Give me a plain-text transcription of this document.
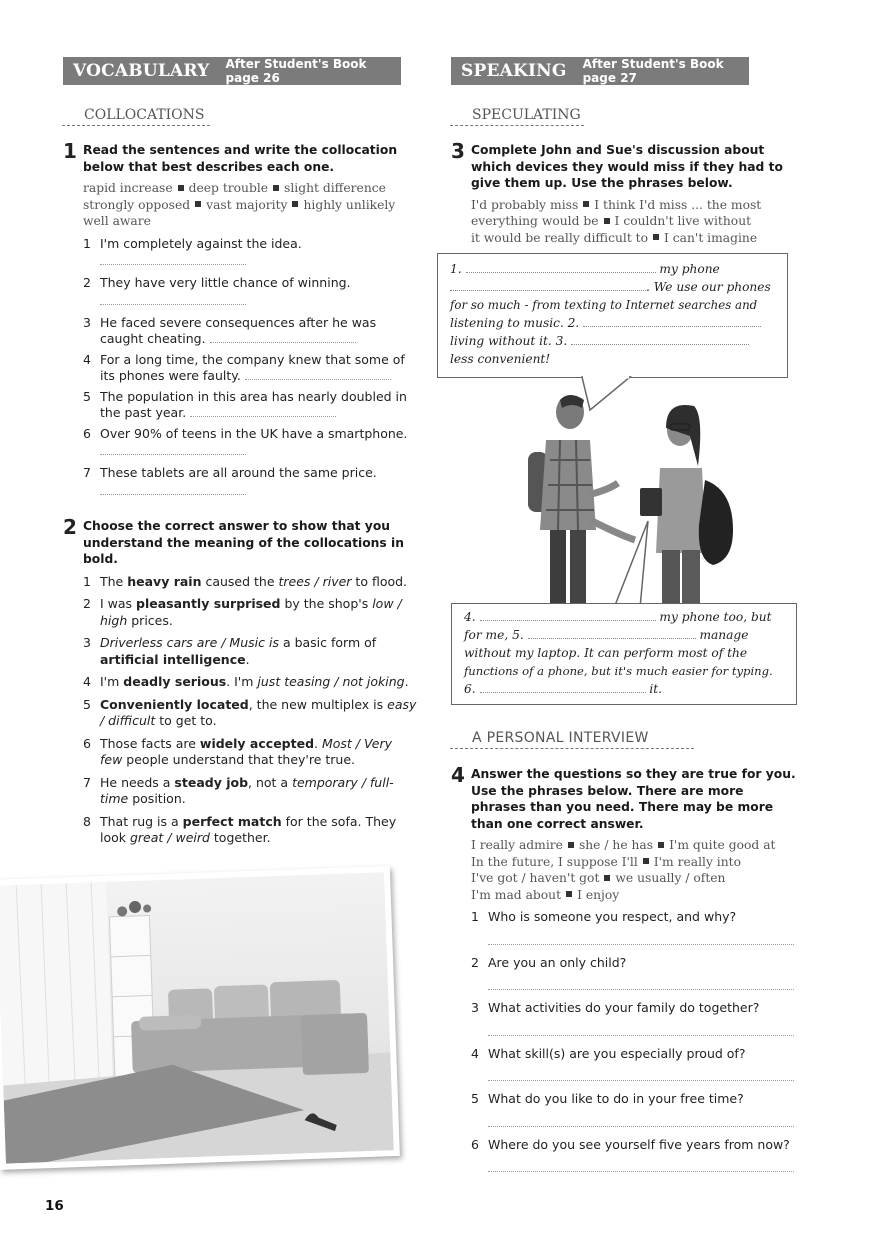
VOCABULARY After Student's Book page 26
COLLOCATIONS
1 Read the sentences and write the collocation below that best describes each one.
rapid increase deep trouble slight difference
strongly opposed vast majority highly unlikely
well aware
1 I'm completely against the idea.
2 They have very little chance of winning.
3 He faced severe consequences after he was caught cheating.
4 For a long time, the company knew that some of its phones were faulty.
5 The population in this area has nearly doubled in the past year.
6 Over 90% of teens in the UK have a smartphone.
7 These tablets are all around the same price.
2 Choose the correct answer to show that you understand the meaning of the collocations in bold.
1 The heavy rain caused the trees / river to flood.
2 I was pleasantly surprised by the shop's low / high prices.
3 Driverless cars are / Music is a basic form of artificial intelligence.
4 I'm deadly serious. I'm just teasing / not joking.
5 Conveniently located, the new multiplex is easy / difficult to get to.
6 Those facts are widely accepted. Most / Very few people understand that they're true.
7 He needs a steady job, not a temporary / full-time position.
8 That rug is a perfect match for the sofa. They look great / weird together.
16
SPEAKING After Student's Book page 27
SPECULATING
3 Complete John and Sue's discussion about which devices they would miss if they had to give them up. Use the phrases below.
I'd probably miss I think I'd miss ... the most
everything would be I couldn't live without
it would be really difficult to I can't imagine
1.	my phone
. We use our phones
for so much - from texting to Internet searches and
listening to music. 2.
living without it. 3.
less convenient!
4.	my phone too, but
for me, 5.	manage
without my laptop. It can perform most of the
functions of a phone, but it's much easier for typing.
6.	it.
A PERSONAL INTERVIEW
4 Answer the questions so they are true for you. Use the phrases below. There are more phrases than you need. There may be more than one correct answer.
I really admire she / he has I'm quite good at
In the future, I suppose I'll I'm really into
I've got / haven't got we usually / often
I'm mad about I enjoy
1 Who is someone you respect, and why?
2 Are you an only child?
3 What activities do your family do together?
4 What skill(s) are you especially proud of?
5 What do you like to do in your free time?
6 Where do you see yourself five years from now?
